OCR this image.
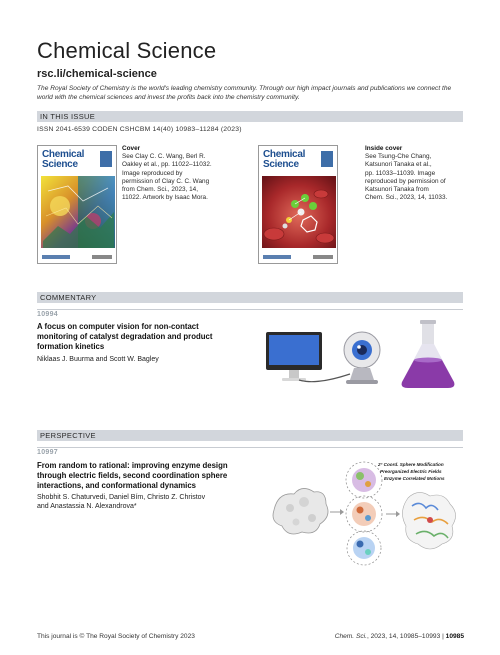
Chemical Science
rsc.li/chemical-science
The Royal Society of Chemistry is the world's leading chemistry community. Through our high impact journals and publications we connect the world with the chemical sciences and invest the profits back into the chemistry community.
IN THIS ISSUE
ISSN 2041-6539 CODEN CSHCBM 14(40) 10983–11284 (2023)
Chemical
Science
Cover
See Clay C. C. Wang, Berl R.
Oakley et al., pp. 11022–11032.
Image reproduced by
permission of Clay C. C. Wang
from Chem. Sci., 2023, 14,
11022. Artwork by Isaac Mora.
Chemical
Science
Inside cover
See Tsung-Che Chang,
Katsunori Tanaka et al.,
pp. 11033–11039. Image
reproduced by permission of
Katsunori Tanaka from
Chem. Sci., 2023, 14, 11033.
COMMENTARY
10994
A focus on computer vision for non-contact
monitoring of catalyst degradation and product
formation kinetics
Niklaas J. Buurma and Scott W. Bagley
PERSPECTIVE
10997
From random to rational: improving enzyme design
through electric fields, second coordination sphere
interactions, and conformational dynamics
Shobhit S. Chaturvedi, Daniel Bím, Christo Z. Christov
and Anastassia N. Alexandrova*
2° Coord. Sphere Modification
Preorganized Electric Fields
Enzyme Correlated Motions
This journal is © The Royal Society of Chemistry 2023	Chem. Sci., 2023, 14, 10985–10993 | 10985
